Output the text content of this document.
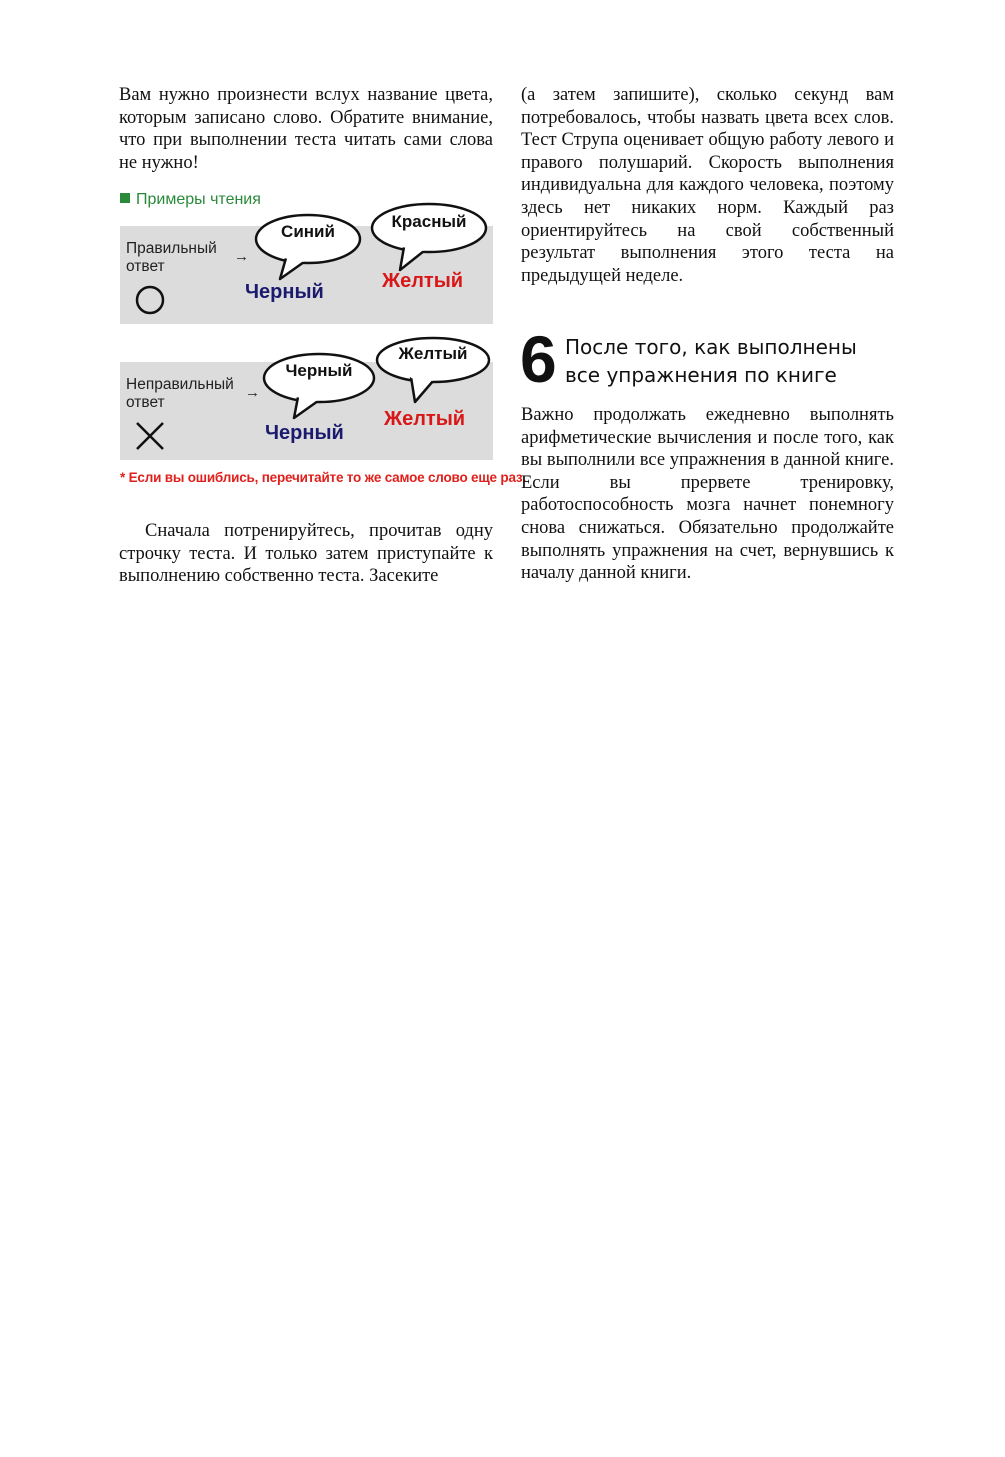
Вам нужно произнести вслух название цвета, которым записано слово. Обратите внимание, что при выполнении теста читать сами слова не нужно!

Примеры чтения
Правильный
ответ
→
Синий
Красный
Черный	Желтый
Неправильный
ответ
→
Черный
Желтый
Черный
Желтый
* Если вы ошиблись, перечитайте то же самое слово еще раз.

Сначала потренируйтесь, прочитав одну строчку теста. И только затем приступайте к выполнению собственно теста. Засеките

(а затем запишите), сколько секунд вам потребовалось, чтобы назвать цвета всех слов. Тест Струпа оценивает общую работу левого и правого полушарий. Скорость выполнения индивидуальна для каждого человека, поэтому здесь нет никаких норм. Каждый раз ориентируйтесь на свой собственный результат выполнения этого теста на предыдущей неделе.

6 После того, как выполнены
все упражнения по книге

Важно продолжать ежедневно выполнять арифметические вычисления и после того, как вы выполнили все упражнения в данной книге. Если вы прервете тренировку, работоспособность мозга начнет понемногу снова снижаться. Обязательно продолжайте выполнять упражнения на счет, вернувшись к началу данной книги.
